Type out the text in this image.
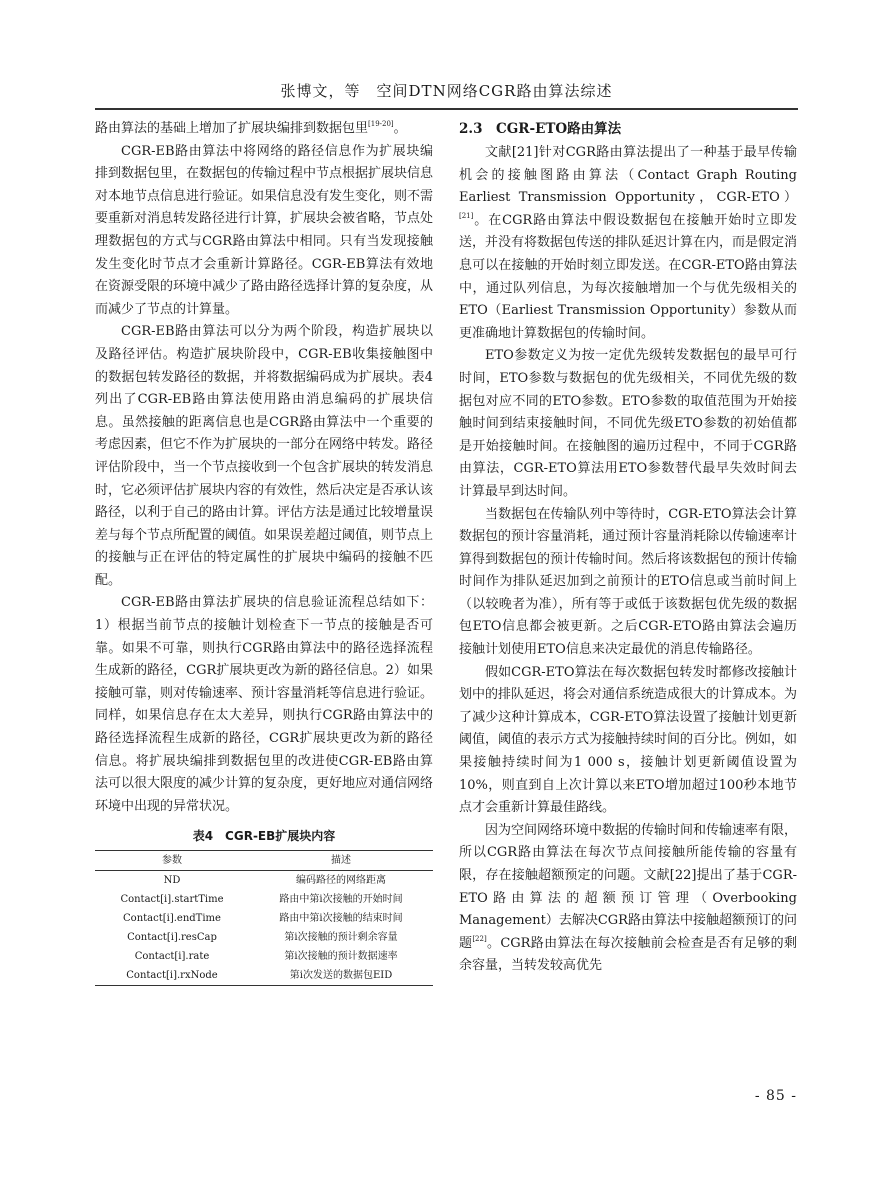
张博文，等　空间DTN网络CGR路由算法综述

路由算法的基础上增加了扩展块编排到数据包里[19-20]。

CGR-EB路由算法中将网络的路径信息作为扩展块编排到数据包里，在数据包的传输过程中节点根据扩展块信息对本地节点信息进行验证。如果信息没有发生变化，则不需要重新对消息转发路径进行计算，扩展块会被省略，节点处理数据包的方式与CGR路由算法中相同。只有当发现接触发生变化时节点才会重新计算路径。CGR-EB算法有效地在资源受限的环境中减少了路由路径选择计算的复杂度，从而减少了节点的计算量。

CGR-EB路由算法可以分为两个阶段，构造扩展块以及路径评估。构造扩展块阶段中，CGR-EB收集接触图中的数据包转发路径的数据，并将数据编码成为扩展块。表4列出了CGR-EB路由算法使用路由消息编码的扩展块信息。虽然接触的距离信息也是CGR路由算法中一个重要的考虑因素，但它不作为扩展块的一部分在网络中转发。路径评估阶段中，当一个节点接收到一个包含扩展块的转发消息时，它必须评估扩展块内容的有效性，然后决定是否承认该路径，以利于自己的路由计算。评估方法是通过比较增量误差与每个节点所配置的阈值。如果误差超过阈值，则节点上的接触与正在评估的特定属性的扩展块中编码的接触不匹配。

CGR-EB路由算法扩展块的信息验证流程总结如下：1）根据当前节点的接触计划检查下一节点的接触是否可靠。如果不可靠，则执行CGR路由算法中的路径选择流程生成新的路径，CGR扩展块更改为新的路径信息。2）如果接触可靠，则对传输速率、预计容量消耗等信息进行验证。同样，如果信息存在太大差异，则执行CGR路由算法中的路径选择流程生成新的路径，CGR扩展块更改为新的路径信息。将扩展块编排到数据包里的改进使CGR-EB路由算法可以很大限度的减少计算的复杂度，更好地应对通信网络环境中出现的异常状况。

表4　CGR-EB扩展块内容
参数	描述
ND	编码路径的网络距离
Contact[i].startTime	路由中第i次接触的开始时间
Contact[i].endTime	路由中第i次接触的结束时间
Contact[i].resCap	第i次接触的预计剩余容量
Contact[i].rate	第i次接触的预计数据速率
Contact[i].rxNode	第i次发送的数据包EID
2.3　CGR-ETO路由算法

文献[21]针对CGR路由算法提出了一种基于最早传输机会的接触图路由算法（Contact Graph Routing Earliest Transmission Opportunity，CGR-ETO）[21]。在CGR路由算法中假设数据包在接触开始时立即发送，并没有将数据包传送的排队延迟计算在内，而是假定消息可以在接触的开始时刻立即发送。在CGR-ETO路由算法中，通过队列信息，为每次接触增加一个与优先级相关的ETO（Earliest Transmission Opportunity）参数从而更准确地计算数据包的传输时间。

ETO参数定义为按一定优先级转发数据包的最早可行时间，ETO参数与数据包的优先级相关，不同优先级的数据包对应不同的ETO参数。ETO参数的取值范围为开始接触时间到结束接触时间，不同优先级ETO参数的初始值都是开始接触时间。在接触图的遍历过程中，不同于CGR路由算法，CGR-ETO算法用ETO参数替代最早失效时间去计算最早到达时间。

当数据包在传输队列中等待时，CGR-ETO算法会计算数据包的预计容量消耗，通过预计容量消耗除以传输速率计算得到数据包的预计传输时间。然后将该数据包的预计传输时间作为排队延迟加到之前预计的ETO信息或当前时间上（以较晚者为准），所有等于或低于该数据包优先级的数据包ETO信息都会被更新。之后CGR-ETO路由算法会遍历接触计划使用ETO信息来决定最优的消息传输路径。

假如CGR-ETO算法在每次数据包转发时都修改接触计划中的排队延迟，将会对通信系统造成很大的计算成本。为了减少这种计算成本，CGR-ETO算法设置了接触计划更新阈值，阈值的表示方式为接触持续时间的百分比。例如，如果接触持续时间为1 000 s，接触计划更新阈值设置为10%，则直到自上次计算以来ETO增加超过100秒本地节点才会重新计算最佳路线。

因为空间网络环境中数据的传输时间和传输速率有限，所以CGR路由算法在每次节点间接触所能传输的容量有限，存在接触超额预定的问题。文献[22]提出了基于CGR-ETO路由算法的超额预订管理（Overbooking Management）去解决CGR路由算法中接触超额预订的问题[22]。CGR路由算法在每次接触前会检查是否有足够的剩余容量，当转发较高优先

- 85 -
